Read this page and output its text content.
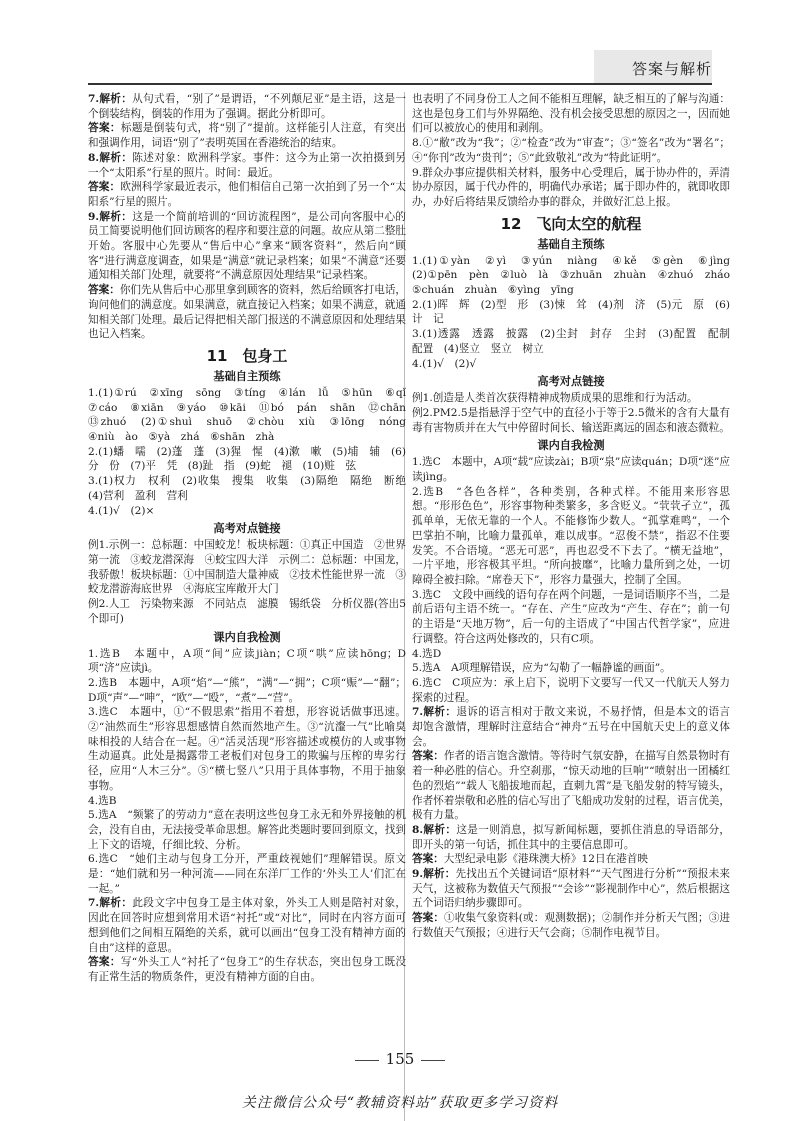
答案与解析
7.解析：从句式看，“别了”是谓语，“不列颠尼亚”是主语，这是一个倒装结构，倒装的作用为了强调。据此分析即可。
答案：标题是倒装句式，将“别了”提前。这样能引人注意，有突出和强调作用，词语“别了”表明英国在香港统治的结束。
8.解析：陈述对象：欧洲科学家。事件：这今为止第一次拍摄到另一个“太阳系”行星的照片。时间：最近。
答案：欧洲科学家最近表示，他们相信自己第一次拍到了另一个“太阳系”行星的照片。
9.解析：这是一个简前培训的“回访流程图”，是公司向客服中心的员工简要说明他们回访顾客的程序和要注意的问题。故应从第二整肚开始。客服中心先要从“售后中心”拿来“顾客资料”，然后向“顾客”进行满意度调查，如果是“满意”就记录档案；如果“不满意”还要通知相关部门处理，就要将“不满意原因处理结果”记录档案。
答案：你们先从售后中心那里拿到顾客的资料，然后给顾客打电话，询问他们的满意度。如果满意，就直接记入档案；如果不满意，就通知相关部门处理。最后记得把相关部门报送的不满意原因和处理结果也记入档案。
11　包身工
基础自主预练
1.(1)①rú　②xīng　sōng　③tíng　④lán　lǚ　⑤hūn　⑥qǐ　⑦cáo　⑧xiān　⑨yáo　⑩kāi　⑪bó　pán　shān　⑫chān　⑬zhuó　(2)①shuì　shuō　②chòu　xiù　③lōng　nóng　④niù　ào　⑤yà　zhá　⑥shān　zhà
2.(1)蟠　嚅　(2)蓬　蓬　(3)猩　惺　(4)漱　嗽　(5)埔　辅　(6)分　份　(7)平　凭　(8)趾　指　(9)蛇　褪　(10)赃　弦
3.(1)权力　权利　(2)收集　搜集　收集　(3)隔绝　隔绝　断绝　(4)营利　盈利　营利
4.(1)√　(2)×
高考对点链接
例1.示例一：总标题：中国蛟龙！板块标题：①真正中国造　②世界第一流　③蛟龙潜深海　④蛟宝四大洋　示例二：总标题：中国龙，我骄傲！板块标题：①中国制造大量神威　②技术性能世界一流　③蛟龙潜游海底世界　④海底宝库敞开大门
例2.人工　污染物来源　不同站点　滤膜　锡纸袋　分析仪器(答出5个即可)
课内自我检测
1.选B　本题中，A项“间”应读jiàn；C项“哄”应读hōng；D项“济”应读jì。
2.选B　本题中，A项“焰”—“熊”，“满”—“拥”；C项“赈”—“翻”；D项“声”—“呻”，“欧”—“殴”，“煮”—“营”。
3.选C　本题中，①“不假思索”指用不着想，形容说话做事迅速。②“油然而生”形容思想感情自然而然地产生。③“沆瀣一气”比喻臭味相投的人结合在一起。④“活灵活现”形容描述或模仿的人或事物生动逼真。此处是揭露带工老板们对包身工的欺骗与压榨的卑劣行径，应用“人木三分”。⑤“横七竖八”只用于具体事物，不用于抽象事物。
4.选B
5.选A　“频繁了的劳动力”意在表明这些包身工永无和外界接触的机会，没有自由，无法接受革命思想。解答此类题时要回到原文，找到上下文的语境，仔细比较、分析。
6.选C　“她们主动与包身工分开，严重歧视她们”理解错误。原文是：“她们就和另一种河流——同在东洋厂工作的‘外头工人’们汇在一起。”
7.解析：此段文字中包身工是主体对象，外头工人则是陪衬对象，因此在回答时应想到常用术语“衬托”或“对比”，同时在内容方面可想到他们之间相互隔绝的关系，就可以画出“包身工没有精神方面的自由”这样的意思。
答案：写“外头工人”衬托了“包身工”的生存状态，突出包身工既没有正常生活的物质条件，更没有精神方面的自由。
也表明了不同身份工人之间不能相互理解，缺乏相互的了解与沟通：这也是包身工们与外界隔绝、没有机会接受思想的原因之一，因而她们可以被放心的使用和剥削。
8.①“敝”改为“我”；②“检查”改为“审查”；③“签名”改为“署名”；④“你刊”改为“贵刊”；⑤“此致敬礼”改为“特此证明”。
9.群众办事应提供相关材料，服务中心受理后，属于协办件的，弄清协办原因，属于代办件的，明确代办承诺；属于即办件的，就即收即办，办好后将结果反馈给办事的群众，并做好汇总上报。
12　飞向太空的航程
基础自主预练
1.(1)①yàn　②yì　③yún　niàng　④kě　⑤gèn　⑥jìng　(2)①pēn　pèn　②luò　là　③zhuān　zhuàn　④zhuó　zháo　⑤chuán　zhuàn　⑥yìng　yīng
2.(1)晖　辉　(2)型　形　(3)悚　耸　(4)剂　济　(5)元　原　(6)计　记
3.(1)透露　透露　披露　(2)尘封　封存　尘封　(3)配置　配制　配置　(4)竖立　竖立　树立
4.(1)√　(2)√
高考对点链接
例1.创造是人类首次获得精神成物质成果的思维和行为活动。
例2.PM2.5是指悬浮于空气中的直径小于等于2.5微米的含有大量有毒有害物质并在大气中停留时间长、输送距离远的固态和液态微粒。
课内自我检测
1.选C　本题中，A项“载”应读zài；B项“泉”应读quán；D项“迷”应读jìng。
2.选B　“各色各样”，各种类别，各种式样。不能用来形容思想。“形形色色”，形容事物种类繁多，多含贬义。“茕茕孑立”，孤孤单单，无依无靠的一个人。不能修饰少数人。“孤掌难鸣”，一个巴掌拍不响，比喻力量孤单，难以成事。“忍俊不禁”，指忍不住要发笑。不合语境。“恶无可恶”，再也忍受不下去了。“横无益地”，一片平地，形容极其平坦。“所向披靡”，比喻力量所到之处，一切障碍全被扫除。“席卷天下”，形容力量强大，控制了全国。
3.选C　文段中画线的语句存在两个问题，一是词语顺序不当，二是前后语句主语不统一。“存在、产生”应改为“产生、存在”；前一句的主语是“天地万物”，后一句的主语成了“中国古代哲学家”，应进行调整。符合这两处修改的，只有C项。
4.选D
5.选A　A项理解错误，应为“勾勒了一幅静谧的画面”。
6.选C　C项应为：承上启下，说明下文要写一代又一代航天人努力探索的过程。
7.解析：退诉的语言相对于散文来说，不易抒情，但是本文的语言却饱含激情，理解时注意结合“神舟”五号在中国航天史上的意义体会。
答案：作者的语言饱含激情。等待时气氛安静，在描写自然景物时有着一种必胜的信心。升空刹那，“惊天动地的巨响”“喷射出一团橘红色的烈焰”“载人飞船拔地而起，直刺九霄”是飞船发射的特写镜头，作者怀着崇敬和必胜的信心写出了飞船成功发射的过程，语言优美，极有力量。
8.解析：这是一则消息，拟写新闻标题，要抓住消息的导语部分，即开头的第一句话，抓住其中的主要信息即可。
答案：大型纪录电影《港珠澳大桥》12日在港首映
9.解析：先找出五个关键词语“原材料”“天气图进行分析”“预报未来天气，这被称为数值天气预报”“会诊”“影视制作中心”，然后根据这五个词语归纳步骤即可。
答案：①收集气象资料(或：观测数据)；②制作并分析天气图；③进行数值天气预报；④进行天气会商；⑤制作电视节目。
155
关注微信公众号“教辅资料站”获取更多学习资料
